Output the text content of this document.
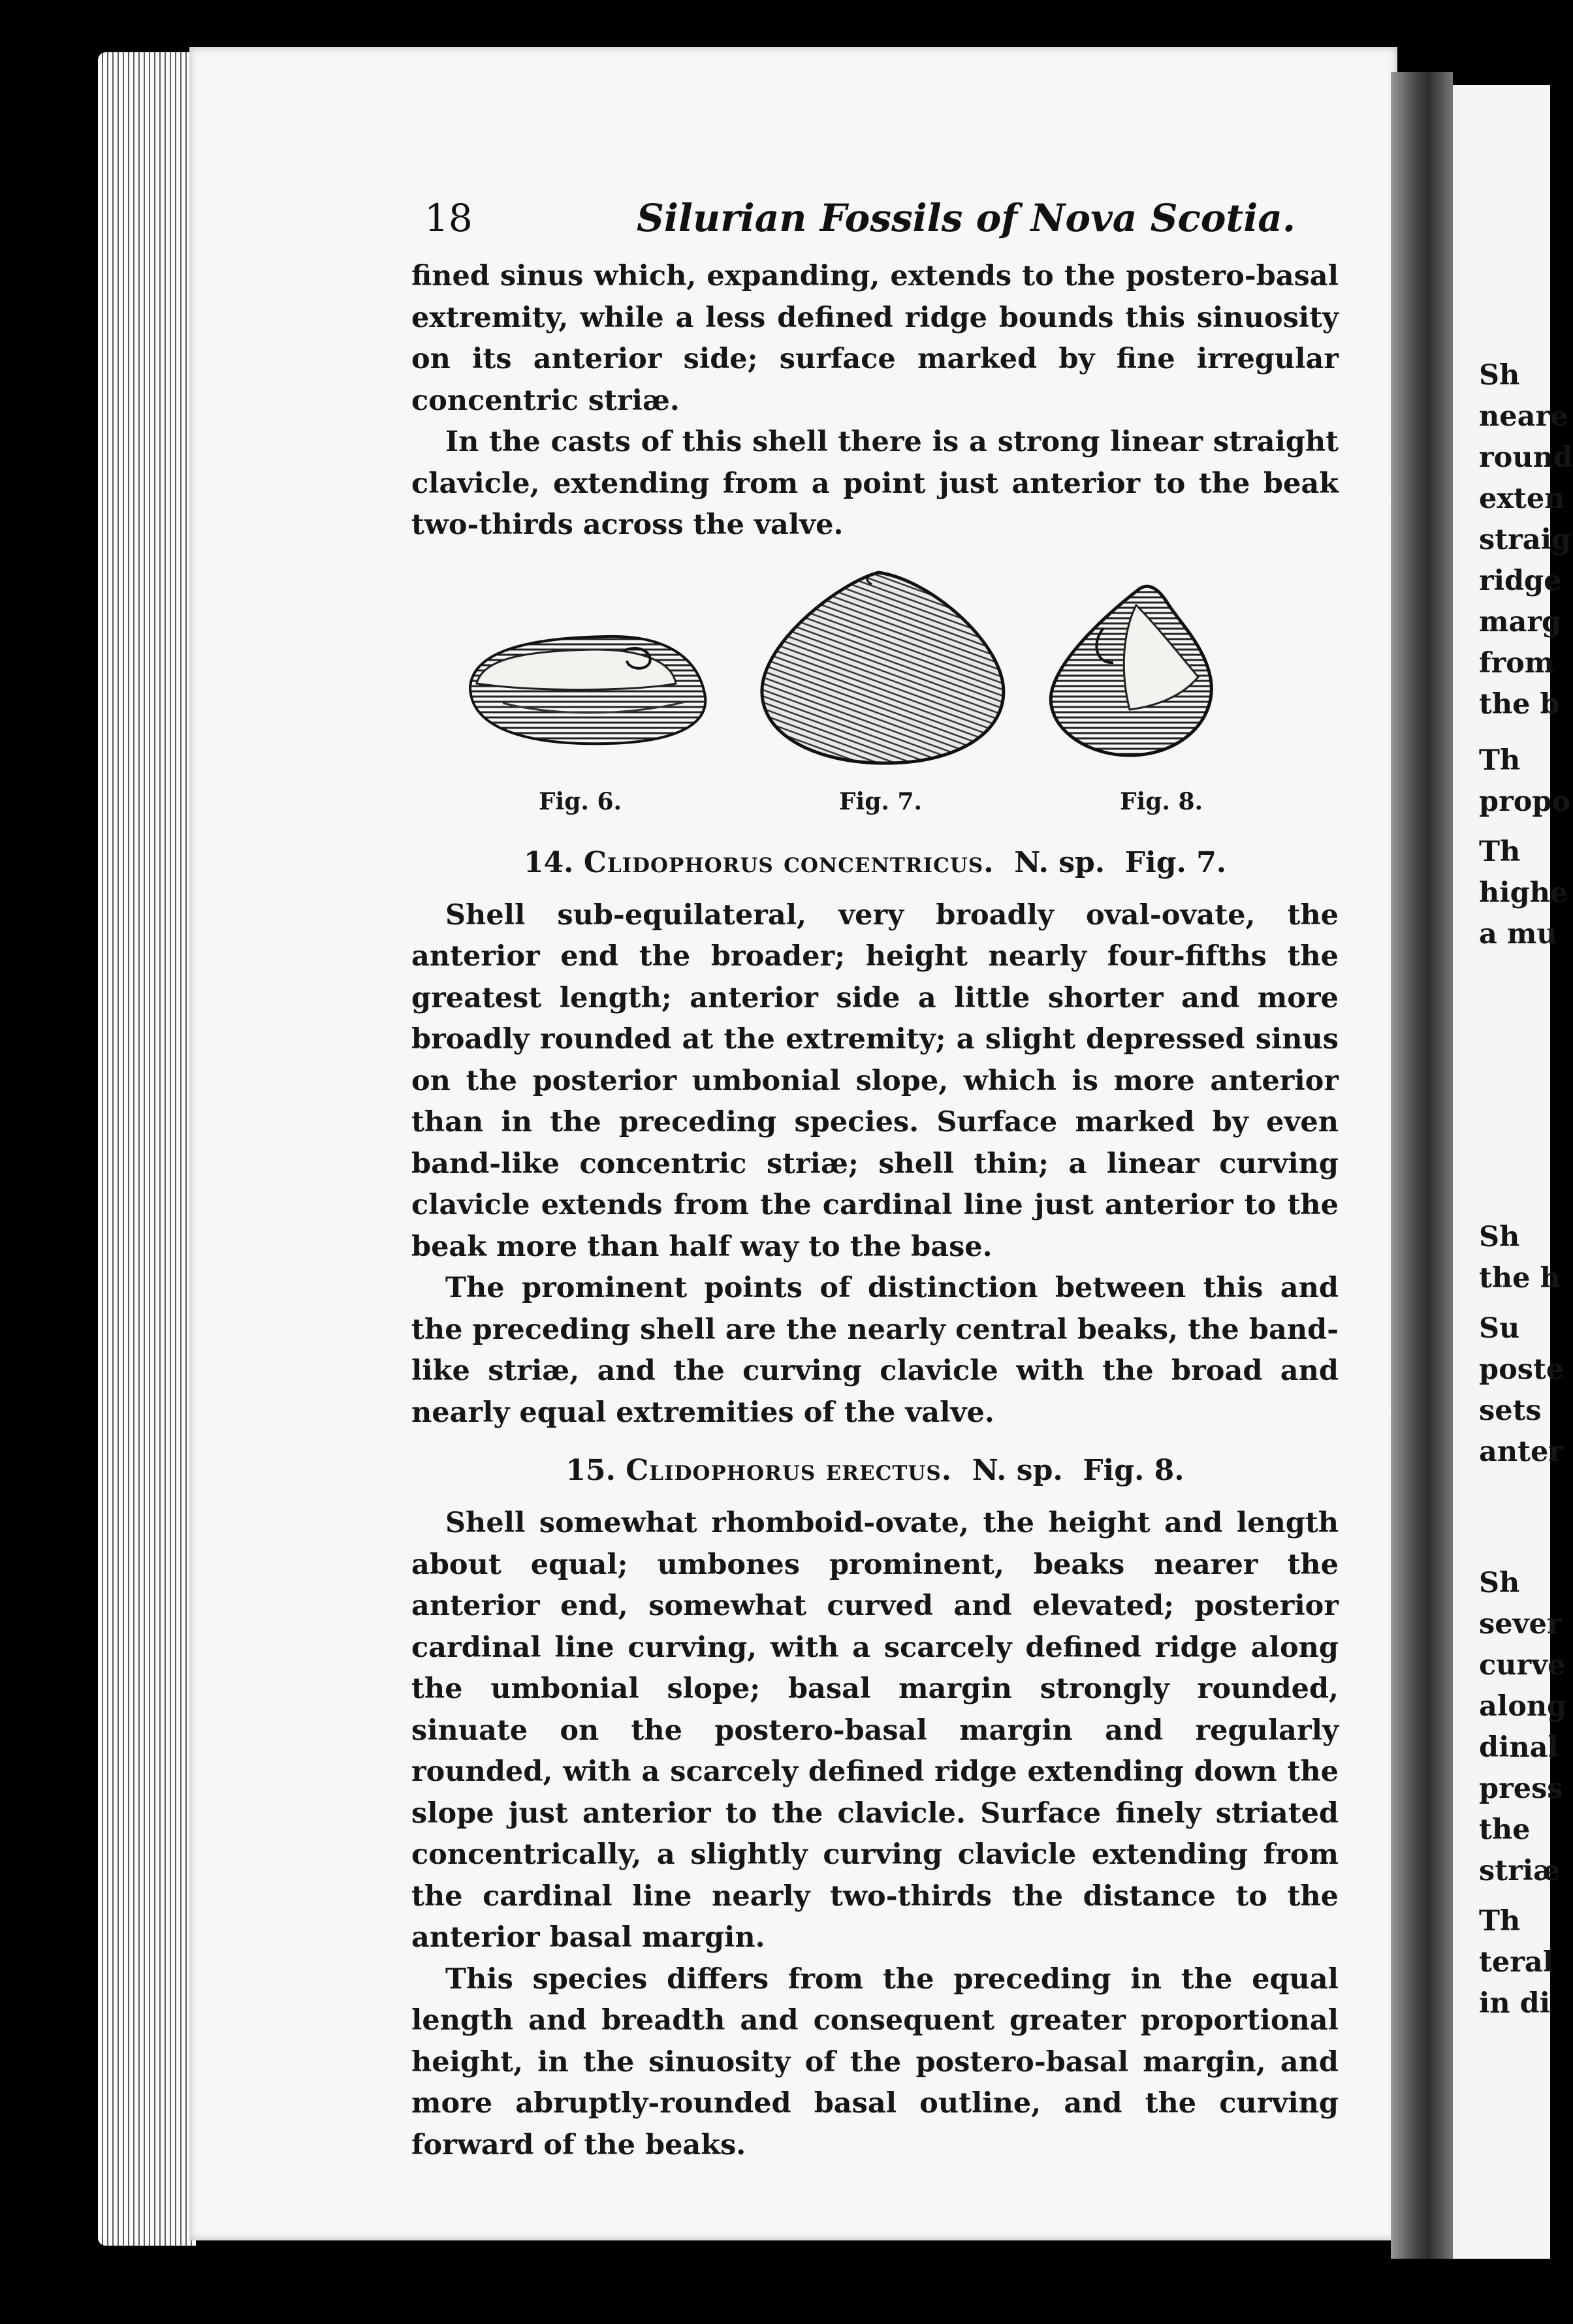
Sh
neare
round
exten
straig
ridge
marg
from
the b
Th
propo
Th
highe
a mu
Sh
the h
Su
poste
sets
anter
Sh
sever
curve
along
dinal
press
the
striæ
Th
teral
in di
18	Silurian Fossils of Nova Scotia.

fined sinus which, expanding, extends to the postero-basal extremity, while a less defined ridge bounds this sinuosity on its anterior side; surface marked by fine irregular concentric striæ.

In the casts of this shell there is a strong linear straight clavicle, extending from a point just anterior to the beak two-thirds across the valve.

Fig. 6.	Fig. 7.	Fig. 8.

14. Clidophorus concentricus. N. sp. Fig. 7.

Shell sub-equilateral, very broadly oval-ovate, the anterior end the broader; height nearly four-fifths the greatest length; anterior side a little shorter and more broadly rounded at the extremity; a slight depressed sinus on the posterior umbonial slope, which is more anterior than in the preceding species. Surface marked by even band-like concentric striæ; shell thin; a linear curving clavicle extends from the cardinal line just anterior to the beak more than half way to the base.

The prominent points of distinction between this and the preceding shell are the nearly central beaks, the band-like striæ, and the curving clavicle with the broad and nearly equal extremities of the valve.

15. Clidophorus erectus. N. sp. Fig. 8.

Shell somewhat rhomboid-ovate, the height and length about equal; umbones prominent, beaks nearer the anterior end, somewhat curved and elevated; posterior cardinal line curving, with a scarcely defined ridge along the umbonial slope; basal margin strongly rounded, sinuate on the postero-basal margin and regularly rounded, with a scarcely defined ridge extending down the slope just anterior to the clavicle. Surface finely striated concentrically, a slightly curving clavicle extending from the cardinal line nearly two-thirds the distance to the anterior basal margin.

This species differs from the preceding in the equal length and breadth and consequent greater proportional height, in the sinuosity of the postero-basal margin, and more abruptly-rounded basal outline, and the curving forward of the beaks.
